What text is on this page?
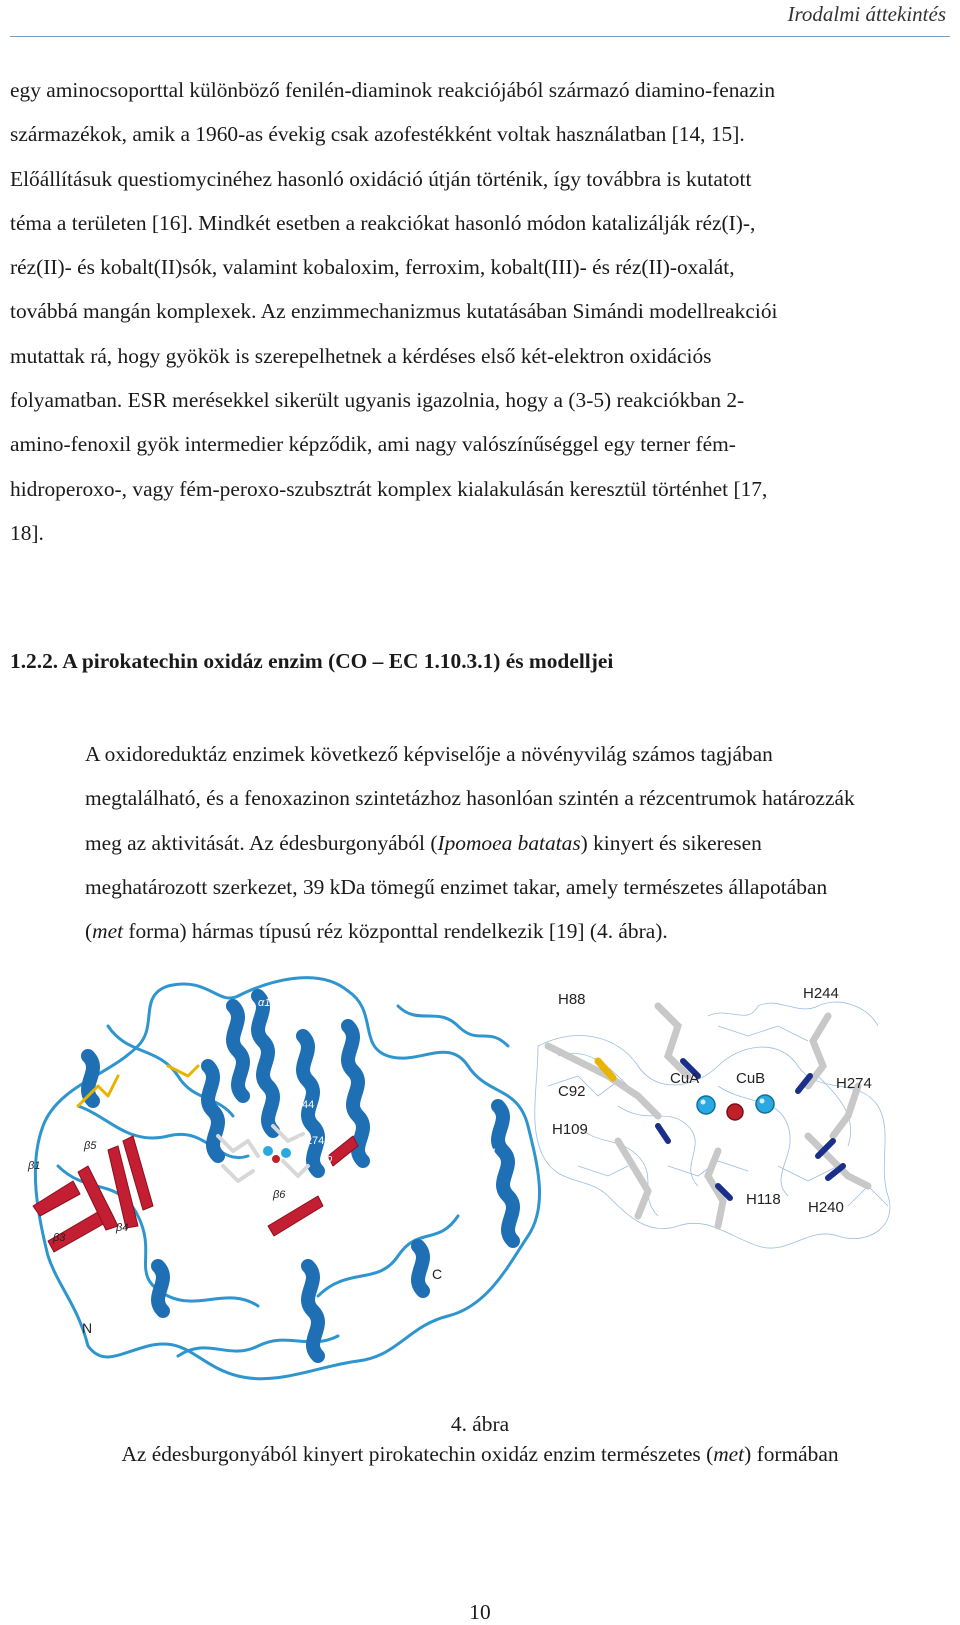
Irodalmi áttekintés
egy aminocsoporttal különböző fenilén-diaminok reakciójából származó diamino-fenazin
származékok, amik a 1960-as évekig csak azofestékként voltak használatban [14, 15].
Előállításuk questiomycinéhez hasonló oxidáció útján történik, így továbbra is kutatott
téma a területen [16]. Mindkét esetben a reakciókat hasonló módon katalizálják réz(I)-,
réz(II)- és kobalt(II)sók, valamint kobaloxim, ferroxim, kobalt(III)- és réz(II)-oxalát,
továbbá mangán komplexek. Az enzimmechanizmus kutatásában Simándi modellreakciói
mutattak rá, hogy gyökök is szerepelhetnek a kérdéses első két-elektron oxidációs
folyamatban. ESR merésekkel sikerült ugyanis igazolnia, hogy a (3-5) reakciókban 2-
amino-fenoxil gyök intermedier képződik, ami nagy valószínűséggel egy terner fém-
hidroperoxo-, vagy fém-peroxo-szubsztrát komplex kialakulásán keresztül történhet [17,
18].
1.2.2. A pirokatechin oxidáz enzim (CO – EC 1.10.3.1) és modelljei
A oxidoreduktáz enzimek következő képviselője a növényvilág számos tagjában
megtalálható, és a fenoxazinon szintetázhoz hasonlóan szintén a rézcentrumok határozzák
meg az aktivitását. Az édesburgonyából (Ipomoea batatas) kinyert és sikeresen
meghatározott szerkezet, 39 kDa tömegű enzimet takar, amely természetes állapotában
(met forma) hármas típusú réz központtal rendelkezik [19] (4. ábra).
α1
α2
α3
α7
H88	H244
C92
H274
αb	α4
β5
β1
β6
β4
β3
H240
H109
C
α5
N
H88	H244
C92
CuA CuB	H274
H109
H118 H240

4. ábra

Az édesburgonyából kinyert pirokatechin oxidáz enzim természetes (met) formában

10
